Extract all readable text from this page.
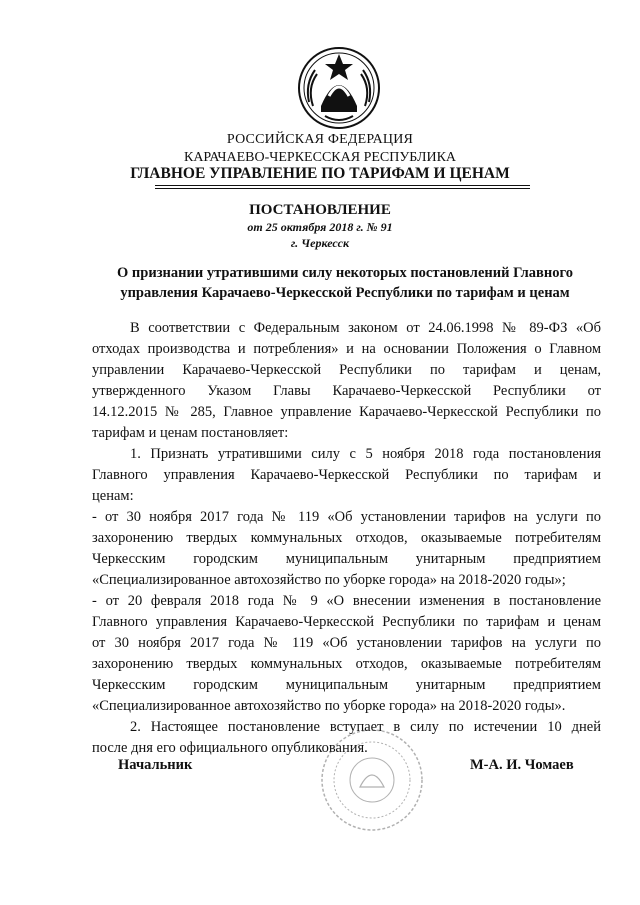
РОССИЙСКАЯ ФЕДЕРАЦИЯ
КАРАЧАЕВО-ЧЕРКЕССКАЯ РЕСПУБЛИКА
ГЛАВНОЕ УПРАВЛЕНИЕ ПО ТАРИФАМ И ЦЕНАМ
ПОСТАНОВЛЕНИЕ
от 25 октября 2018 г. № 91
г. Черкесск
О признании утратившими силу некоторых постановлений Главного
управления Карачаево-Черкесской Республики по тарифам и ценам

В соответствии с Федеральным законом от 24.06.1998 № 89-ФЗ «Об
отходах производства и потребления» и на основании Положения о Главном
управлении Карачаево-Черкесской Республики по тарифам и ценам,
утвержденного Указом Главы Карачаево-Черкесской Республики от
14.12.2015 № 285, Главное управление Карачаево-Черкесской Республики по
тарифам и ценам постановляет:

1. Признать утратившими силу с 5 ноября 2018 года постановления
Главного управления Карачаево-Черкесской Республики по тарифам и
ценам:

- от 30 ноября 2017 года № 119 «Об установлении тарифов на услуги по
захоронению твердых коммунальных отходов, оказываемые потребителям
Черкесским городским муниципальным унитарным предприятием
«Специализированное автохозяйство по уборке города» на 2018-2020 годы»;

- от 20 февраля 2018 года № 9 «О внесении изменения в постановление
Главного управления Карачаево-Черкесской Республики по тарифам и ценам
от 30 ноября 2017 года № 119 «Об установлении тарифов на услуги по
захоронению твердых коммунальных отходов, оказываемые потребителям
Черкесским городским муниципальным унитарным предприятием
«Специализированное автохозяйство по уборке города» на 2018-2020 годы».

2. Настоящее постановление вступает в силу по истечении 10 дней
после дня его официального опубликования.

Начальник	М-А. И. Чомаев
